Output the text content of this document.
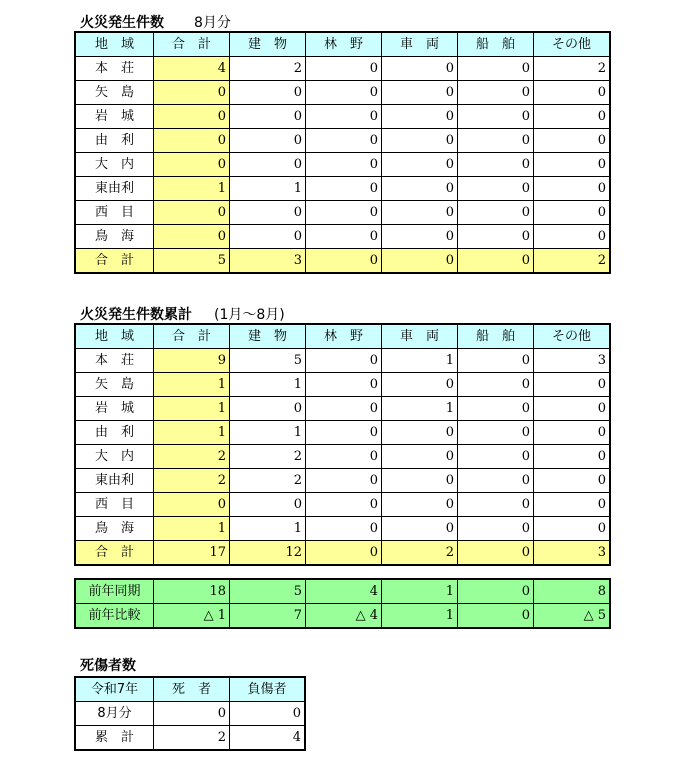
火災発生件数 8月分
地　域	合　計	建　物	林　野	車　両	船　舶	その他
本　荘	4	2	0	0	0	2
矢　島	0	0	0	0	0	0
岩　城	0	0	0	0	0	0
由　利	0	0	0	0	0	0
大　内	0	0	0	0	0	0
東由利	1	1	0	0	0	0
西　目	0	0	0	0	0	0
鳥　海	0	0	0	0	0	0
合　計	5	3	0	0	0	2
火災発生件数累計 (1月～8月)
地　域	合　計	建　物	林　野	車　両	船　舶	その他
本　荘	9	5	0	1	0	3
矢　島	1	1	0	0	0	0
岩　城	1	0	0	1	0	0
由　利	1	1	0	0	0	0
大　内	2	2	0	0	0	0
東由利	2	2	0	0	0	0
西　目	0	0	0	0	0	0
鳥　海	1	1	0	0	0	0
合　計	17	12	0	2	0	3
前年同期	18	5	4	1	0	8
前年比較	△ 1	7	△ 4	1	0	△ 5
死傷者数
令和7年	死　者	負傷者
8月分	0	0
累　計	2	4
